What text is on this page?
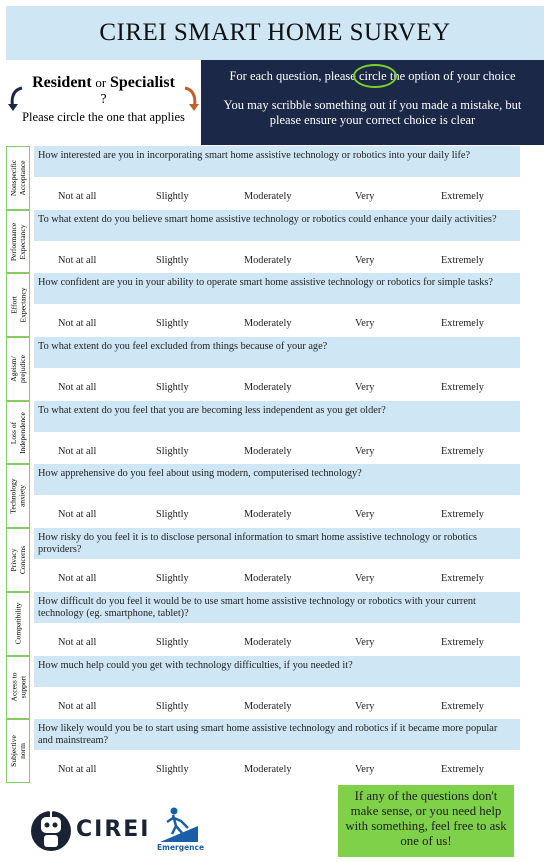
CIREI SMART HOME SURVEY
Resident or Specialist
?
Please circle the one that applies
For each question, please
circle the option of your choice
You may scribble something out if you made a mistake, but please ensure your correct choice is clear
Nonspecific
Acceptance
How interested are you in incorporating smart home assistive technology or robotics into your daily life?
Not at all	Slightly	Moderately	Very	Extremely
Performance
Expectancy
To what extent do you believe smart home assistive technology or robotics could enhance your daily activities?
Not at all	Slightly	Moderately	Very	Extremely
Effort
Expectancy
How confident are you in your ability to operate smart home assistive technology or robotics for simple tasks?
Not at all	Slightly	Moderately	Very	Extremely
Ageism/
prejudice
To what extent do you feel excluded from things because of your age?
Not at all	Slightly	Moderately	Very	Extremely
Loss of
Independence
To what extent do you feel that you are becoming less independent as you get older?
Not at all	Slightly	Moderately	Very	Extremely
Technology
anxiety
How apprehensive do you feel about using modern, computerised technology?
Not at all	Slightly	Moderately	Very	Extremely
Privacy
Concerns
How risky do you feel it is to disclose personal information to smart home assistive technology or robotics providers?
Not at all	Slightly	Moderately	Very	Extremely
Compatibility
How difficult do you feel it would be to use smart home assistive technology or robotics with your current technology (eg. smartphone, tablet)?
Not at all	Slightly	Moderately	Very	Extremely
Access to
support
How much help could you get with technology difficulties, if you needed it?
Not at all	Slightly	Moderately	Very	Extremely
Subjective
norm
How likely would you be to start using smart home assistive technology and robotics if it became more popular and mainstream?
Not at all	Slightly	Moderately	Very	Extremely
CIREI
Emergence
If any of the questions don't make sense, or you need help with something, feel free to ask one of us!
